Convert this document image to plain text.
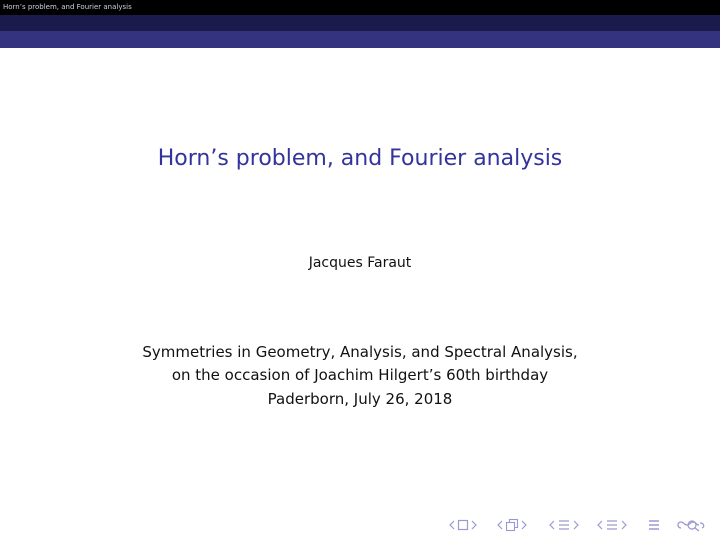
Horn’s problem, and Fourier analysis
Horn’s problem, and Fourier analysis
Jacques Faraut
Symmetries in Geometry, Analysis, and Spectral Analysis,
on the occasion of Joachim Hilgert’s 60th birthday
Paderborn, July 26, 2018
